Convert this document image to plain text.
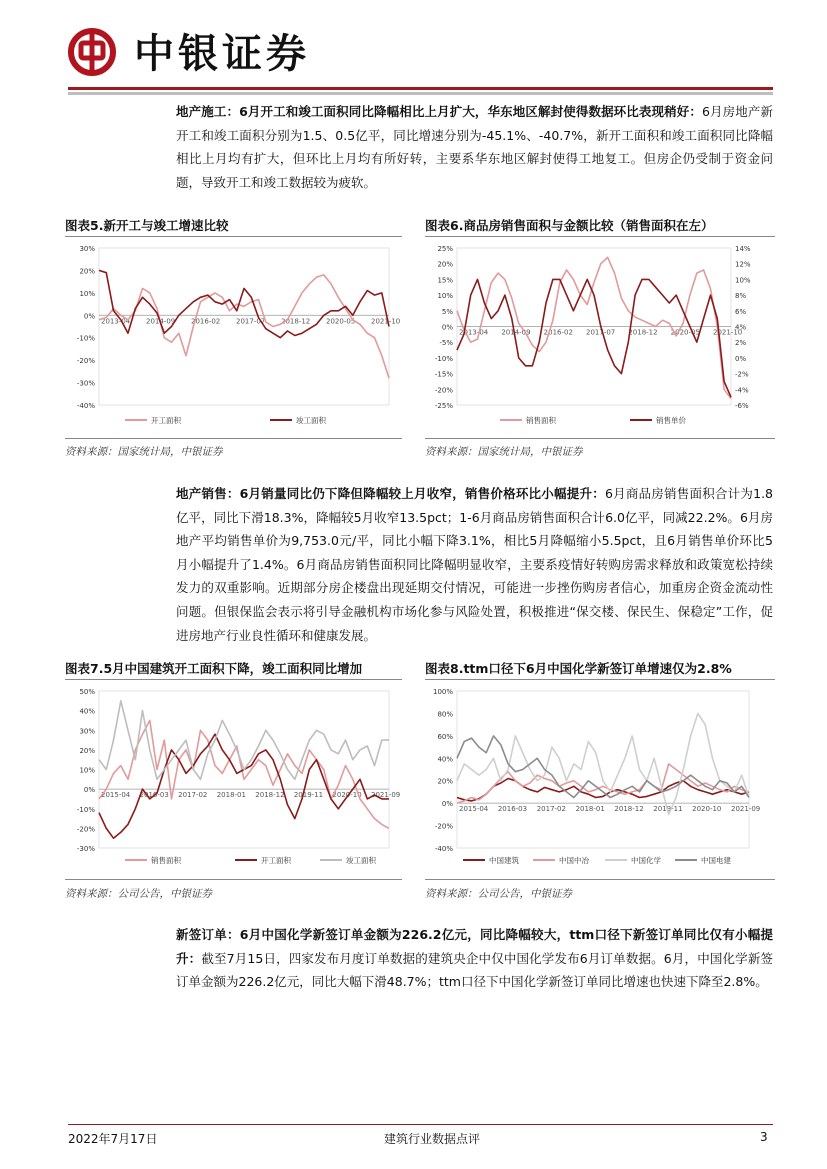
中银证券
地产施工：6月开工和竣工面积同比降幅相比上月扩大，华东地区解封使得数据环比表现稍好：6月房地产新开工和竣工面积分别为1.5、0.5亿平，同比增速分别为-45.1%、-40.7%，新开工面积和竣工面积同比降幅相比上月均有扩大，但环比上月均有所好转，主要系华东地区解封使得工地复工。但房企仍受制于资金问题，导致开工和竣工数据较为疲软。
图表5.新开工与竣工增速比较
30%
20%
10%
0%
-10%
-20%
-30%
-40%
2013-04 2014-09 2016-02 2017-07 2018-12 2020-05 2021-10
开工面积	竣工面积
资料来源：国家统计局，中银证券
图表6.商品房销售面积与金额比较（销售面积在左）
25%
20%
15%
10%
5%
0%
-5%
-10%
-15%
-20%
-25%
14%
12%
10%
8%
6%
4%
2%
0%
-2%
-4%
-6%
2013-04 2014-09 2016-02 2017-07 2018-12 2020-05 2021-10
销售面积	销售单价
资料来源：国家统计局，中银证券
地产销售：6月销量同比仍下降但降幅较上月收窄，销售价格环比小幅提升：6月商品房销售面积合计为1.8亿平，同比下滑18.3%，降幅较5月收窄13.5pct；1-6月商品房销售面积合计6.0亿平，同减22.2%。6月房地产平均销售单价为9,753.0元/平，同比小幅下降3.1%，相比5月降幅缩小5.5pct，且6月销售单价环比5月小幅提升了1.4%。6月商品房销售面积同比降幅明显收窄，主要系疫情好转购房需求释放和政策宽松持续发力的双重影响。近期部分房企楼盘出现延期交付情况，可能进一步挫伤购房者信心，加重房企资金流动性问题。但银保监会表示将引导金融机构市场化参与风险处置，积极推进“保交楼、保民生、保稳定”工作，促进房地产行业良性循环和健康发展。
图表7.5月中国建筑开工面积下降，竣工面积同比增加
50%
40%
30%
20%
10%
0%
-10%
-20%
-30%
2015-04 2016-03 2017-02 2018-01 2018-12 2019-11 2020-10 2021-09
销售面积	开工面积	竣工面积
资料来源：公司公告，中银证券
图表8.ttm口径下6月中国化学新签订单增速仅为2.8%
100%
80%
60%
40%
20%
0%
-20%
-40%
2015-04 2016-03 2017-02 2018-01 2018-12 2019-11 2020-10 2021-09
中国建筑	中国中冶	中国化学	中国电建
资料来源：公司公告，中银证券
新签订单：6月中国化学新签订单金额为226.2亿元，同比降幅较大，ttm口径下新签订单同比仅有小幅提升：截至7月15日，四家发布月度订单数据的建筑央企中仅中国化学发布6月订单数据。6月，中国化学新签订单金额为226.2亿元，同比大幅下滑48.7%；ttm口径下中国化学新签订单同比增速也快速下降至2.8%。
2022年7月17日	建筑行业数据点评	3
